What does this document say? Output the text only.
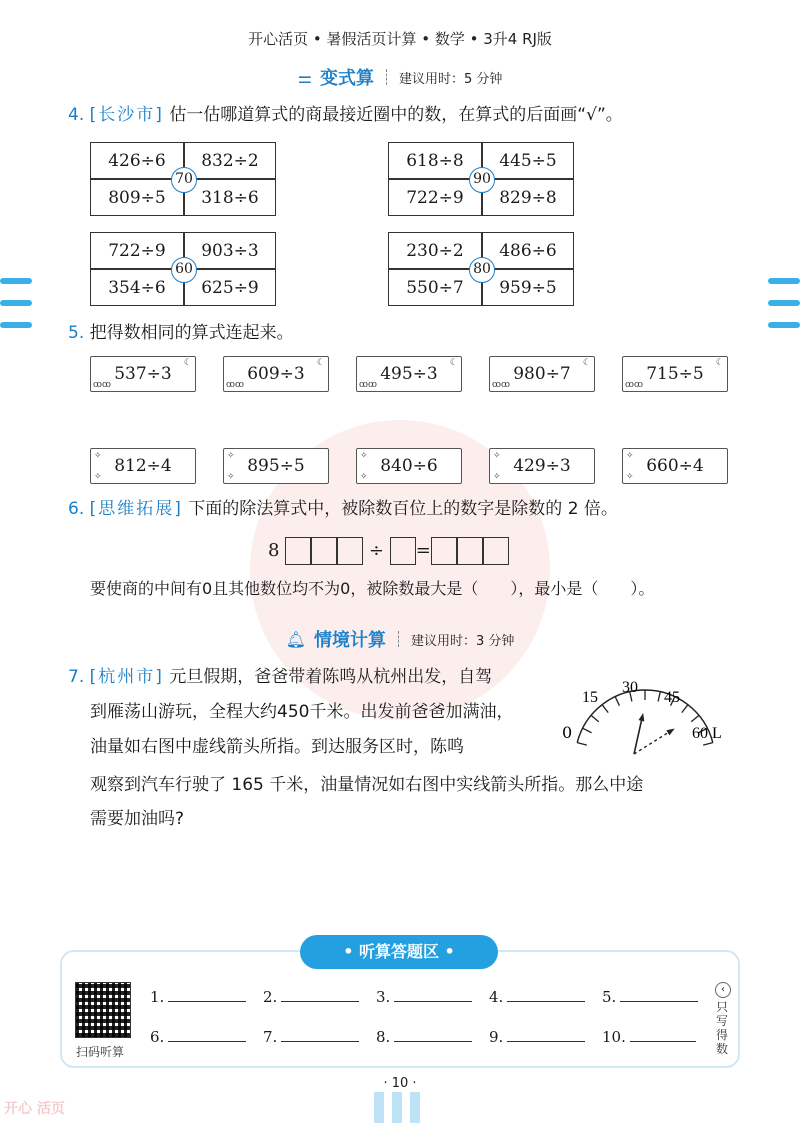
开心活页 • 暑假活页计算 • 数学 • 3升4 RJ版
⚌ 变式算 建议用时：5 分钟
4. [长沙市] 估一估哪道算式的商最接近圈中的数，在算式的后面画“√”。
426÷6	832÷2
809÷5	318÷6
70
618÷8	445÷5
722÷9	829÷8
90
722÷9	903÷3
354÷6	625÷9
60
230÷2	486÷6
550÷7	959÷5
80
5. 把得数相同的算式连起来。
ꝏꝏ
537÷3
☾
ꝏꝏ
609÷3
☾
ꝏꝏ
495÷3
☾
ꝏꝏ
980÷7
☾
ꝏꝏ
715÷5
☾
✧ 812÷4
✧
✧ 895÷5
✧
✧ 840÷6
✧
✧ 429÷3
✧
✧ 660÷4
✧
6. [思维拓展] 下面的除法算式中，被除数百位上的数字是除数的 2 倍。
8	÷ =
要使商的中间有0且其他数位均不为0，被除数最大是（　　），最小是（　　）。
🔔︎ 情境计算 建议用时：3 分钟
7. [杭州市] 元旦假期，爸爸带着陈鸣从杭州出发，自驾
到雁荡山游玩，全程大约450千米。出发前爸爸加满油，
油量如右图中虚线箭头所指。到达服务区时，陈鸣
观察到汽车行驶了 165 千米，油量情况如右图中实线箭头所指。那么中途
需要加油吗?
0
15
30
45
60 L
• 听算答题区 •
扫码听算
1.	2.	3.	4.	5.
6.	7.	8.	9.	10.
‹
只写得数
· 10 ·
开心 活页
